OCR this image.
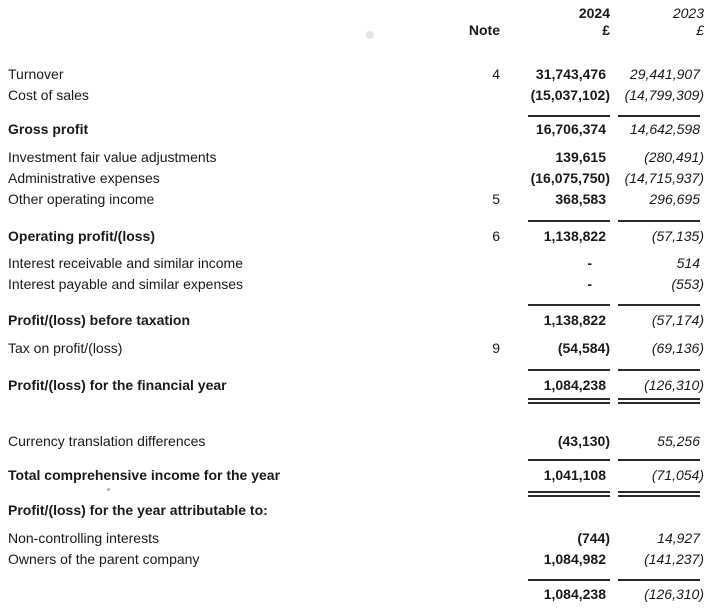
2024	2023
Note	£	£
Turnover	4	31,743,476	29,441,907
Cost of sales	(15,037,102)	(14,799,309)
Gross profit	16,706,374	14,642,598
Investment fair value adjustments	139,615	(280,491)
Administrative expenses	(16,075,750)	(14,715,937)
Other operating income	5	368,583	296,695
Operating profit/(loss)	6	1,138,822	(57,135)
Interest receivable and similar income	-	514
Interest payable and similar expenses	-	(553)
Profit/(loss) before taxation	1,138,822	(57,174)
Tax on profit/(loss)	9	(54,584)	(69,136)
Profit/(loss) for the financial year	1,084,238	(126,310)
Currency translation differences	(43,130)	55,256
Total comprehensive income for the year	1,041,108	(71,054)
Profit/(loss) for the year attributable to:
Non-controlling interests	(744)	14,927
Owners of the parent company	1,084,982	(141,237)
1,084,238	(126,310)
